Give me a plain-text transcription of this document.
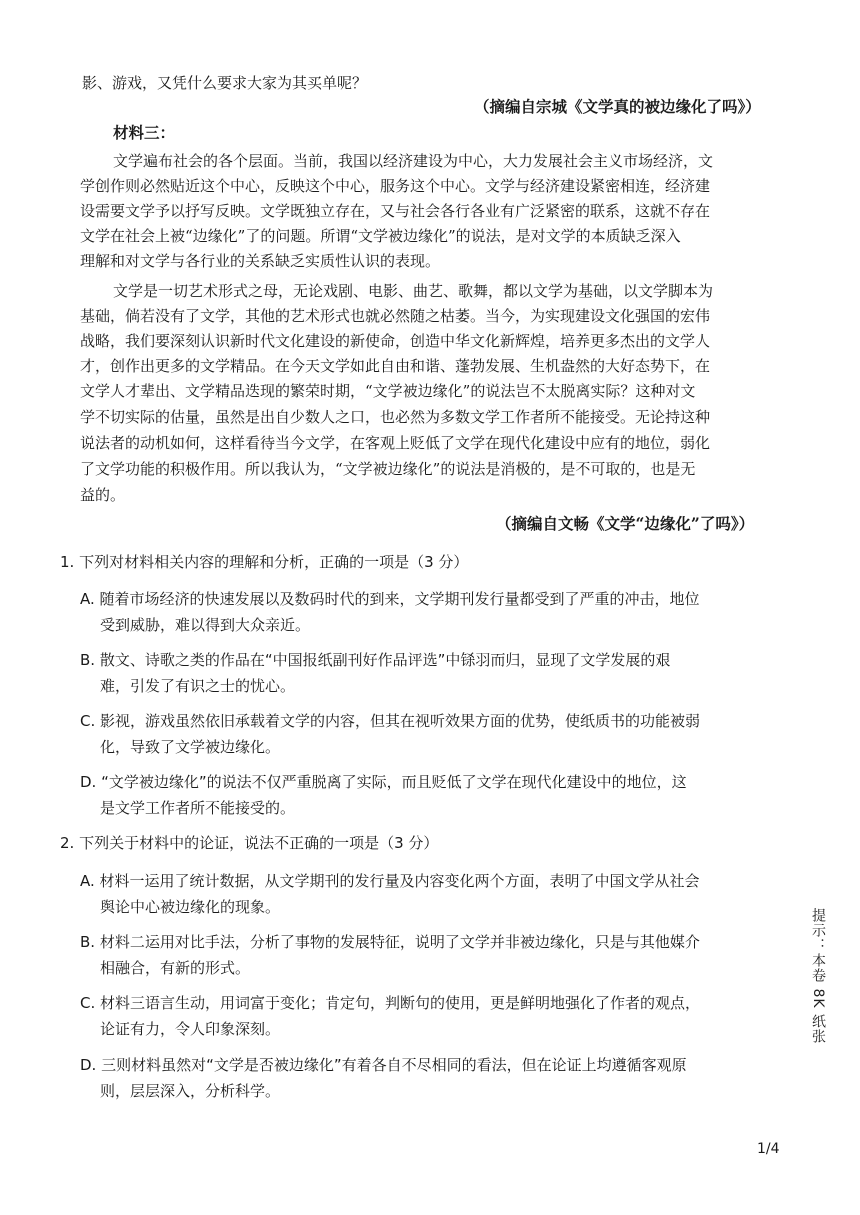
影、游戏，又凭什么要求大家为其买单呢？
（摘编自宗城《文学真的被边缘化了吗》）
材料三：
文学遍布社会的各个层面。当前，我国以经济建设为中心，大力发展社会主义市场经济，文
学创作则必然贴近这个中心，反映这个中心，服务这个中心。文学与经济建设紧密相连，经济建
设需要文学予以抒写反映。文学既独立存在，又与社会各行各业有广泛紧密的联系，这就不存在
文学在社会上被“边缘化”了的问题。所谓“文学被边缘化”的说法，是对文学的本质缺乏深入
理解和对文学与各行业的关系缺乏实质性认识的表现。
文学是一切艺术形式之母，无论戏剧、电影、曲艺、歌舞，都以文学为基础，以文学脚本为
基础，倘若没有了文学，其他的艺术形式也就必然随之枯萎。当今，为实现建设文化强国的宏伟
战略，我们要深刻认识新时代文化建设的新使命，创造中华文化新辉煌，培养更多杰出的文学人
才，创作出更多的文学精品。在今天文学如此自由和谐、蓬勃发展、生机盎然的大好态势下，在
文学人才辈出、文学精品迭现的繁荣时期，“文学被边缘化”的说法岂不太脱离实际？这种对文
学不切实际的估量，虽然是出自少数人之口，也必然为多数文学工作者所不能接受。无论持这种
说法者的动机如何，这样看待当今文学，在客观上贬低了文学在现代化建设中应有的地位，弱化
了文学功能的积极作用。所以我认为，“文学被边缘化”的说法是消极的，是不可取的，也是无
益的。
（摘编自文畅《文学“边缘化”了吗》）
1. 下列对材料相关内容的理解和分析，正确的一项是（3 分）
A. 随着市场经济的快速发展以及数码时代的到来，文学期刊发行量都受到了严重的冲击，地位
受到威胁，难以得到大众亲近。
B. 散文、诗歌之类的作品在“中国报纸副刊好作品评选”中铩羽而归，显现了文学发展的艰
难，引发了有识之士的忧心。
C. 影视，游戏虽然依旧承载着文学的内容，但其在视听效果方面的优势，使纸质书的功能被弱
化，导致了文学被边缘化。
D. “文学被边缘化”的说法不仅严重脱离了实际，而且贬低了文学在现代化建设中的地位，这
是文学工作者所不能接受的。
2. 下列关于材料中的论证，说法不正确的一项是（3 分）
A. 材料一运用了统计数据，从文学期刊的发行量及内容变化两个方面，表明了中国文学从社会
舆论中心被边缘化的现象。
B. 材料二运用对比手法，分析了事物的发展特征，说明了文学并非被边缘化，只是与其他媒介
相融合，有新的形式。
C. 材料三语言生动，用词富于变化；肯定句，判断句的使用，更是鲜明地强化了作者的观点，
论证有力，令人印象深刻。
D. 三则材料虽然对“文学是否被边缘化”有着各自不尽相同的看法，但在论证上均遵循客观原
则，层层深入，分析科学。
提示：本卷 8K 纸张
1/4
